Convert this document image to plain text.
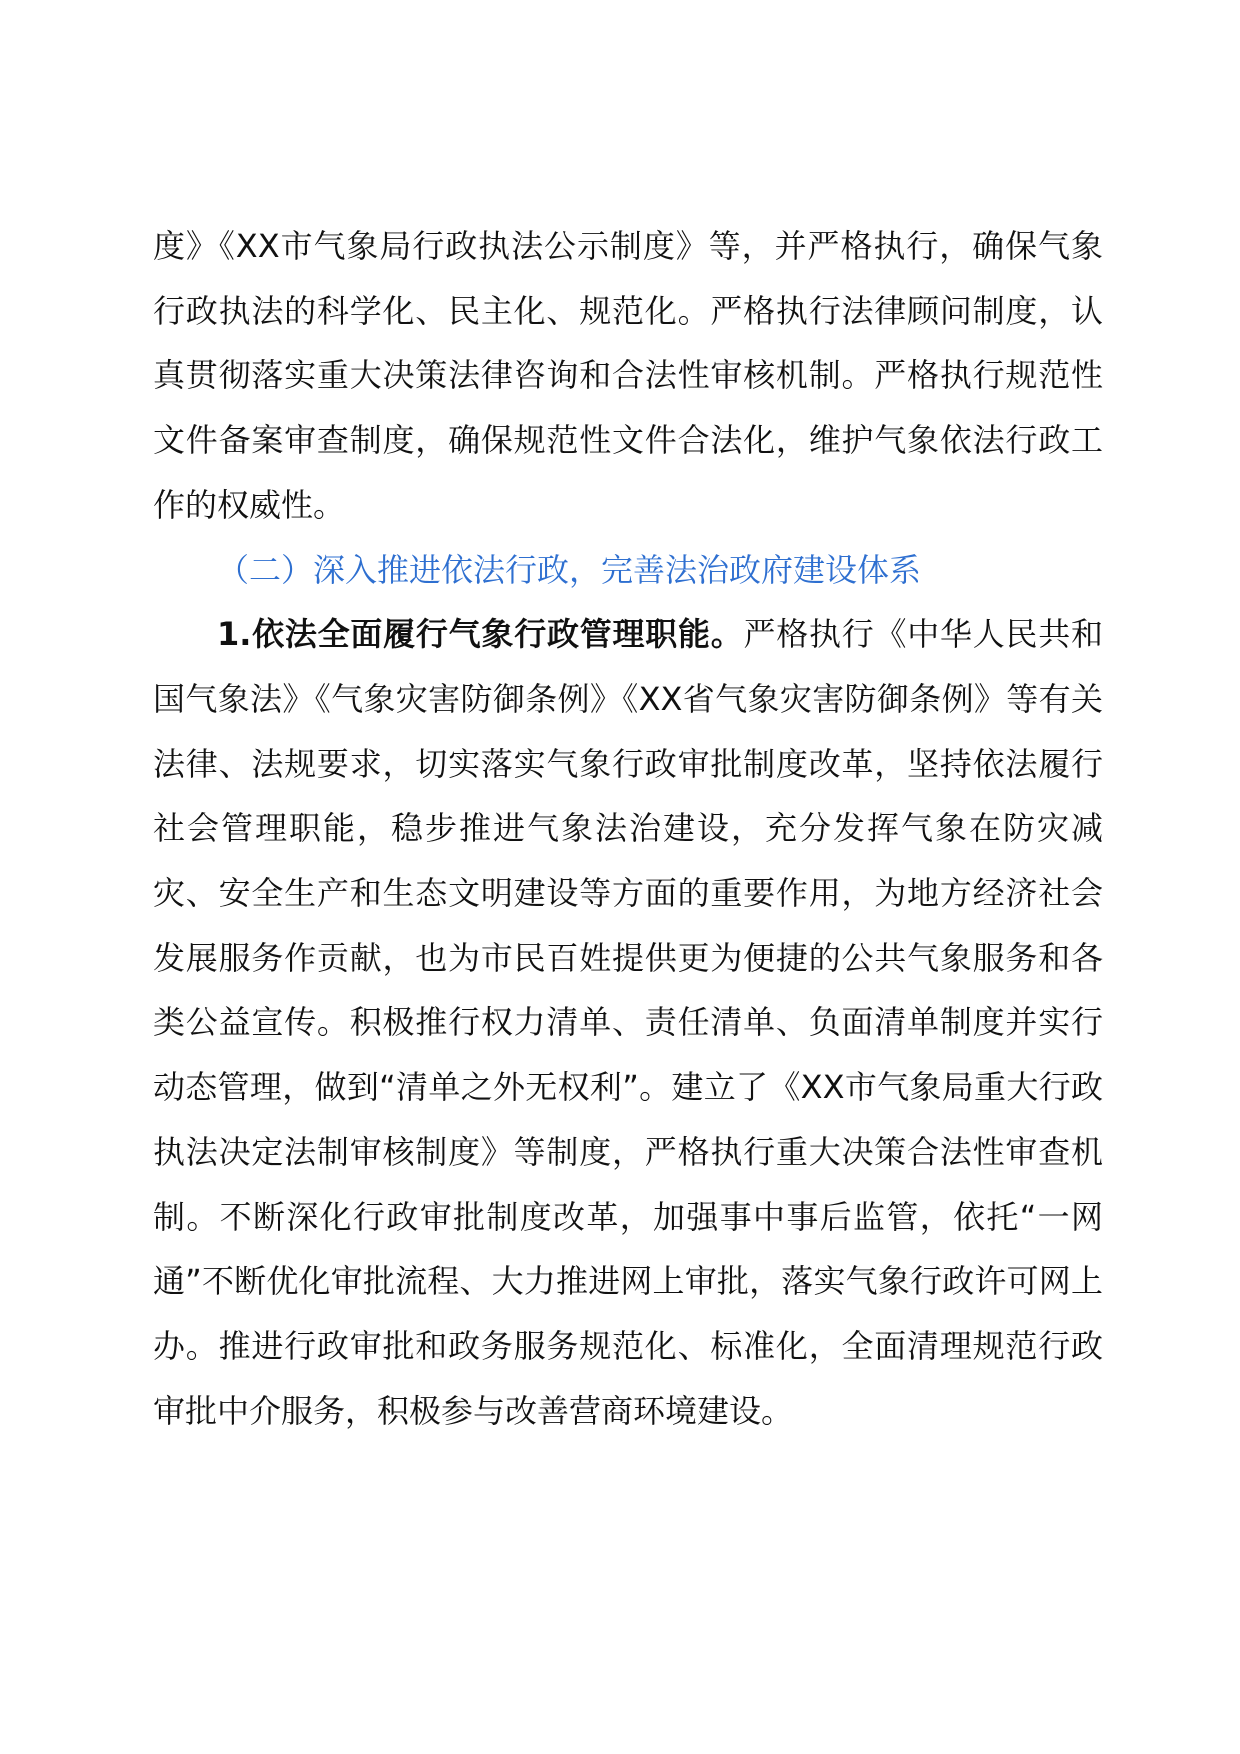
度》《XX市气象局行政执法公示制度》等，并严格执行，确保气象行政执法的科学化、民主化、规范化。严格执行法律顾问制度，认真贯彻落实重大决策法律咨询和合法性审核机制。严格执行规范性文件备案审查制度，确保规范性文件合法化，维护气象依法行政工作的权威性。

（二）深入推进依法行政，完善法治政府建设体系

1.依法全面履行气象行政管理职能。严格执行《中华人民共和国气象法》《气象灾害防御条例》《XX省气象灾害防御条例》等有关法律、法规要求，切实落实气象行政审批制度改革，坚持依法履行社会管理职能，稳步推进气象法治建设，充分发挥气象在防灾减灾、安全生产和生态文明建设等方面的重要作用，为地方经济社会发展服务作贡献，也为市民百姓提供更为便捷的公共气象服务和各类公益宣传。积极推行权力清单、责任清单、负面清单制度并实行动态管理，做到“清单之外无权利”。建立了《XX市气象局重大行政执法决定法制审核制度》等制度，严格执行重大决策合法性审查机制。不断深化行政审批制度改革，加强事中事后监管，依托“一网通”不断优化审批流程、大力推进网上审批，落实气象行政许可网上办。推进行政审批和政务服务规范化、标准化，全面清理规范行政审批中介服务，积极参与改善营商环境建设。
